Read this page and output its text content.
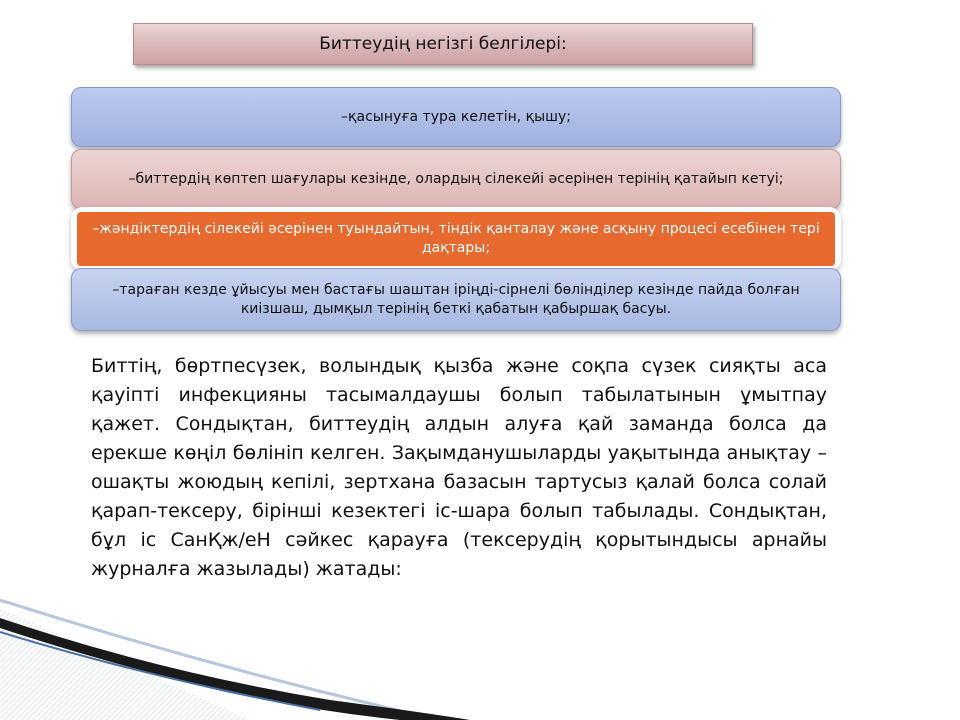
Биттеудің негізгі белгілері:
–қасынуға тура келетін, қышу;
–биттердің көптеп шағулары кезінде, олардың сілекейі әсерінен терінің қатайып кетуі;
–жәндіктердің сілекейі әсерінен туындайтын, тіндік қанталау және асқыну процесі есебінен тері дақтары;
–тараған кезде ұйысуы мен бастағы шаштан іріңді-сірнелі бөлінділер кезінде пайда болған киізшаш, дымқыл терінің беткі қабатын қабыршақ басуы.
Биттің, бөртпесүзек, волындық қызба және соқпа сүзек сияқты аса қауіпті инфекцияны тасымалдаушы болып табылатынын ұмытпау қажет. Сондықтан, биттеудің алдын алуға қай заманда болса да ерекше көңіл бөлініп келген. Зақымданушыларды уақытында анықтау – ошақты жоюдың кепілі, зертхана базасын тартусыз қалай болса солай қарап-тексеру, бірінші кезектегі іс-шара болып табылады. Сондықтан, бұл іс СанҚж/еН сәйкес қарауға (тексерудің қорытындысы арнайы журналға жазылады) жатады:
